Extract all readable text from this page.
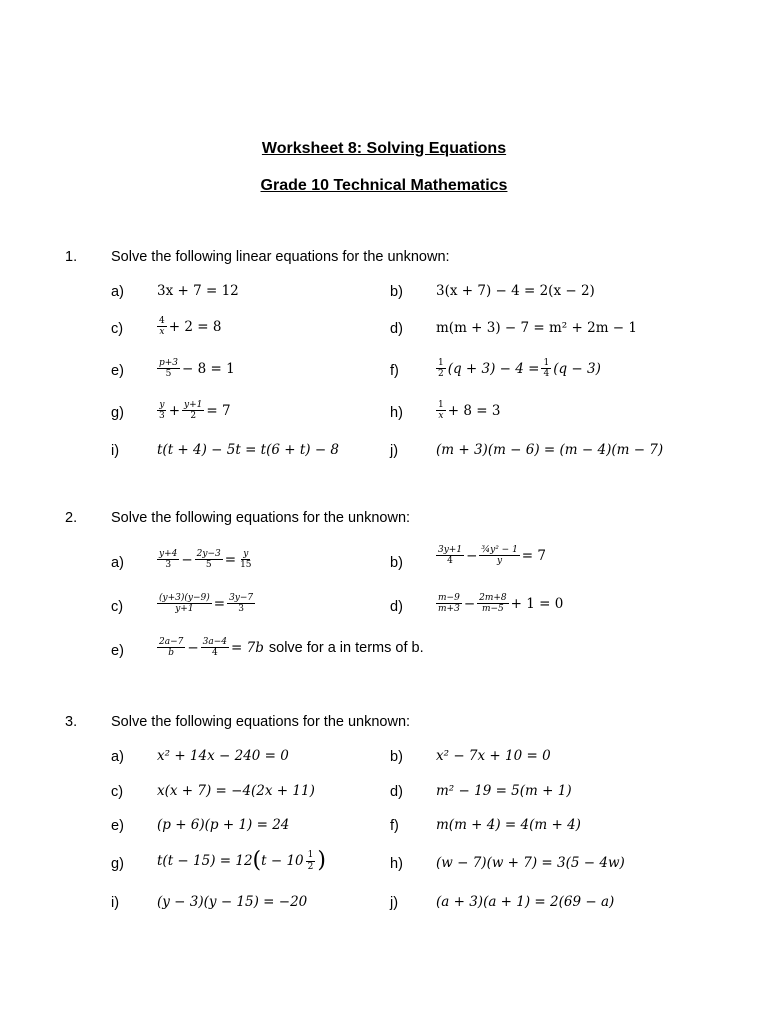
Worksheet 8: Solving Equations
Grade 10 Technical Mathematics
1. Solve the following linear equations for the unknown:
a) 3x + 7 = 12	b) 3(x + 7) − 4 = 2(x − 2)
c)	$\frac{4}{x} + 2 = 8$	d) m(m + 3) − 7 = m² + 2m − 1
e)	$\frac{p+3}{5} - 8 = 1$	f)	$\frac{1}{2} (q + 3) - 4 = \frac{1}{4} (q - 3)$
g)	$\frac{y}{3} + \frac{y+1}{2} = 7$	h)	$\frac{1}{x} + 8 = 3$
i)	t(t + 4) − 5t = t(6 + t) − 8	j)	(m + 3)(m − 6) = (m − 4)(m − 7)
2. Solve the following equations for the unknown:
a)	$\frac{y+4}{3} - \frac{2y-3}{5} = \frac{y}{15}$	b)	$\frac{3y+1}{4} - \frac{\text{¾y² − 1}}{y} = 7$
c)	$\frac{(y+3)(y-9)}{y+1} = \frac{3y-7}{3}$	d)	$\frac{m-9}{m+3} - \frac{2m+8}{m-5} + 1 = 0$
e)	$\frac{2a-7}{b} - \frac{3a-4}{4} = 7b$ solve for a in terms of b.
3. Solve the following equations for the unknown:
a) x² + 14x − 240 = 0	b) x² − 7x + 10 = 0
c)	x(x + 7) = −4(2x + 11)	d) m² − 19 = 5(m + 1)
e) (p + 6)(p + 1) = 24	f)	m(m + 4) = 4(m + 4)
g) t(t − 15) = 12 ( $t - 10 \frac{1}{2}$ )	h) (w − 7)(w + 7) = 3(5 − 4w)
i)	(y − 3)(y − 15) = −20	j)	(a + 3)(a + 1) = 2(69 − a)
